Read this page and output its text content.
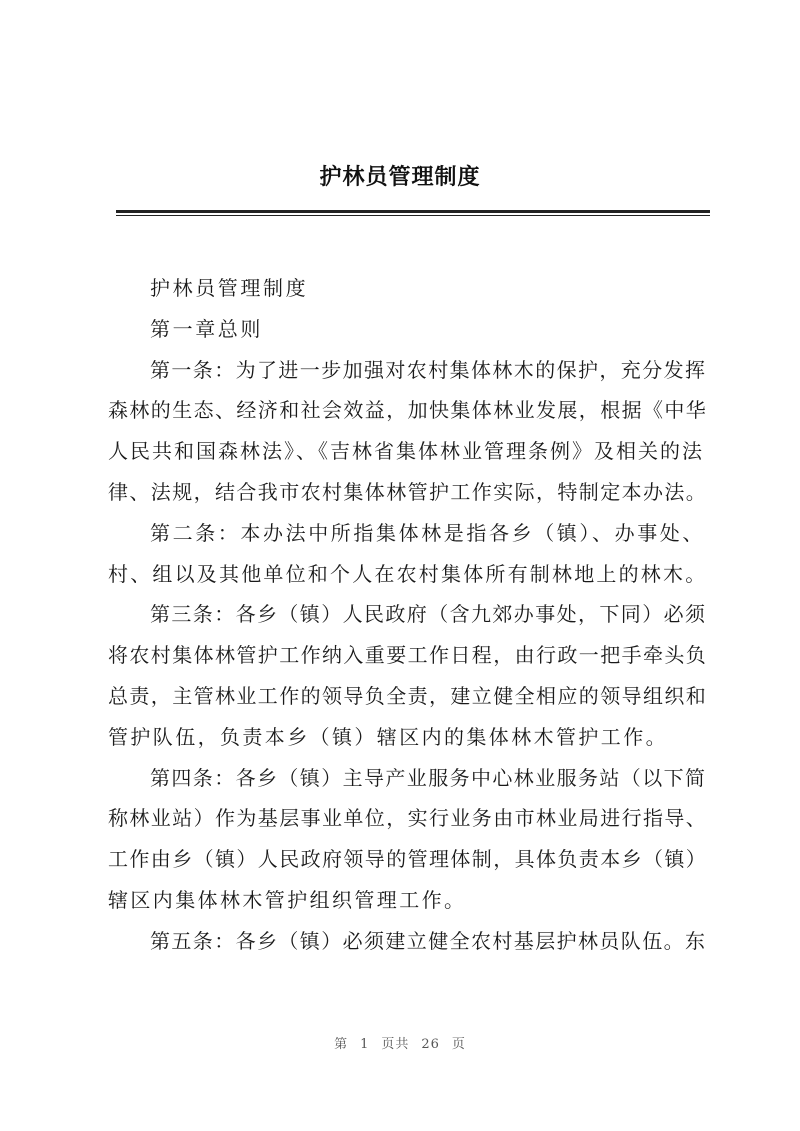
护林员管理制度
护林员管理制度
第一章总则
第一条：为了进一步加强对农村集体林木的保护，充分发挥
森林的生态、经济和社会效益，加快集体林业发展，根据《中华
人民共和国森林法》、《吉林省集体林业管理条例》及相关的法
律、法规，结合我市农村集体林管护工作实际，特制定本办法。
第二条：本办法中所指集体林是指各乡（镇）、办事处、
村、组以及其他单位和个人在农村集体所有制林地上的林木。
第三条：各乡（镇）人民政府（含九郊办事处，下同）必须
将农村集体林管护工作纳入重要工作日程，由行政一把手牵头负
总责，主管林业工作的领导负全责，建立健全相应的领导组织和
管护队伍，负责本乡（镇）辖区内的集体林木管护工作。
第四条：各乡（镇）主导产业服务中心林业服务站（以下简
称林业站）作为基层事业单位，实行业务由市林业局进行指导、
工作由乡（镇）人民政府领导的管理体制，具体负责本乡（镇）
辖区内集体林木管护组织管理工作。
第五条：各乡（镇）必须建立健全农村基层护林员队伍。东
第 1 页共 26 页
